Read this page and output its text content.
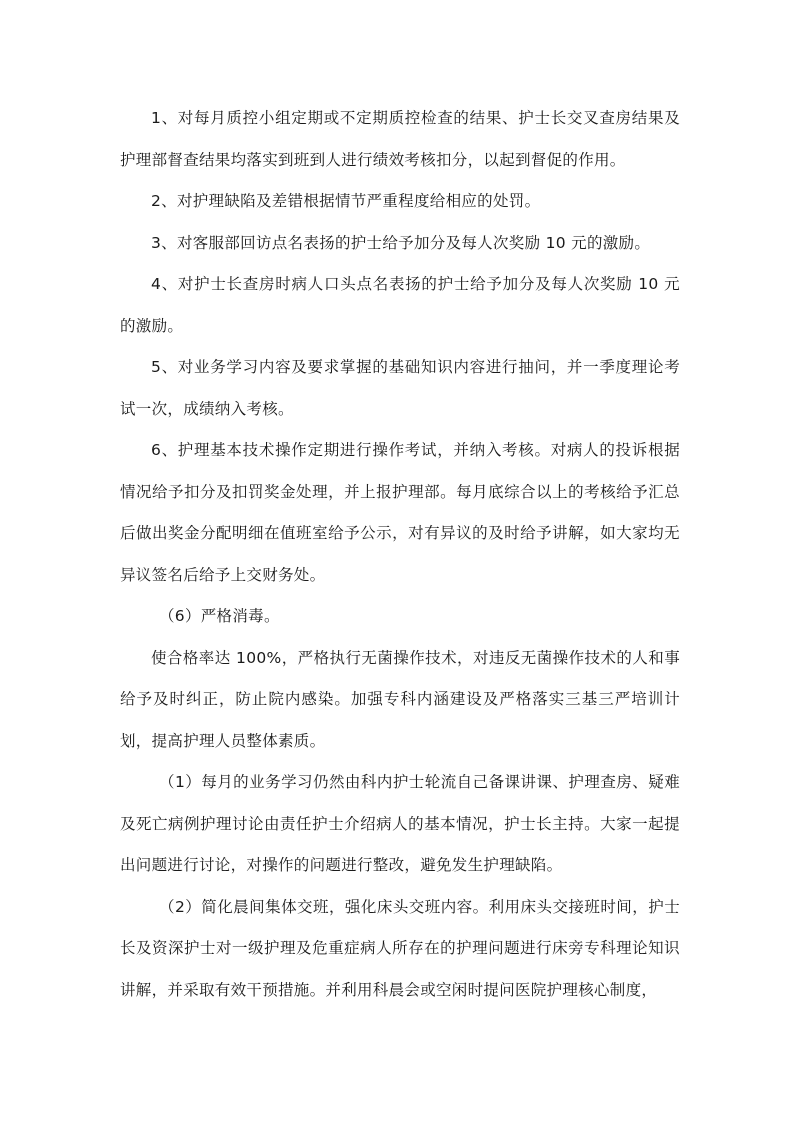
1、对每月质控小组定期或不定期质控检查的结果、护士长交叉查房结果及护理部督查结果均落实到班到人进行绩效考核扣分，以起到督促的作用。

2、对护理缺陷及差错根据情节严重程度给相应的处罚。

3、对客服部回访点名表扬的护士给予加分及每人次奖励 10 元的激励。

4、对护士长查房时病人口头点名表扬的护士给予加分及每人次奖励 10 元的激励。

5、对业务学习内容及要求掌握的基础知识内容进行抽问，并一季度理论考试一次，成绩纳入考核。

6、护理基本技术操作定期进行操作考试，并纳入考核。对病人的投诉根据情况给予扣分及扣罚奖金处理，并上报护理部。每月底综合以上的考核给予汇总后做出奖金分配明细在值班室给予公示，对有异议的及时给予讲解，如大家均无异议签名后给予上交财务处。

（6）严格消毒。

使合格率达 100%，严格执行无菌操作技术，对违反无菌操作技术的人和事给予及时纠正，防止院内感染。加强专科内涵建设及严格落实三基三严培训计划，提高护理人员整体素质。

（1）每月的业务学习仍然由科内护士轮流自己备课讲课、护理查房、疑难及死亡病例护理讨论由责任护士介绍病人的基本情况，护士长主持。大家一起提出问题进行讨论，对操作的问题进行整改，避免发生护理缺陷。

（2）简化晨间集体交班，强化床头交班内容。利用床头交接班时间，护士长及资深护士对一级护理及危重症病人所存在的护理问题进行床旁专科理论知识讲解，并采取有效干预措施。并利用科晨会或空闲时提问医院护理核心制度，
